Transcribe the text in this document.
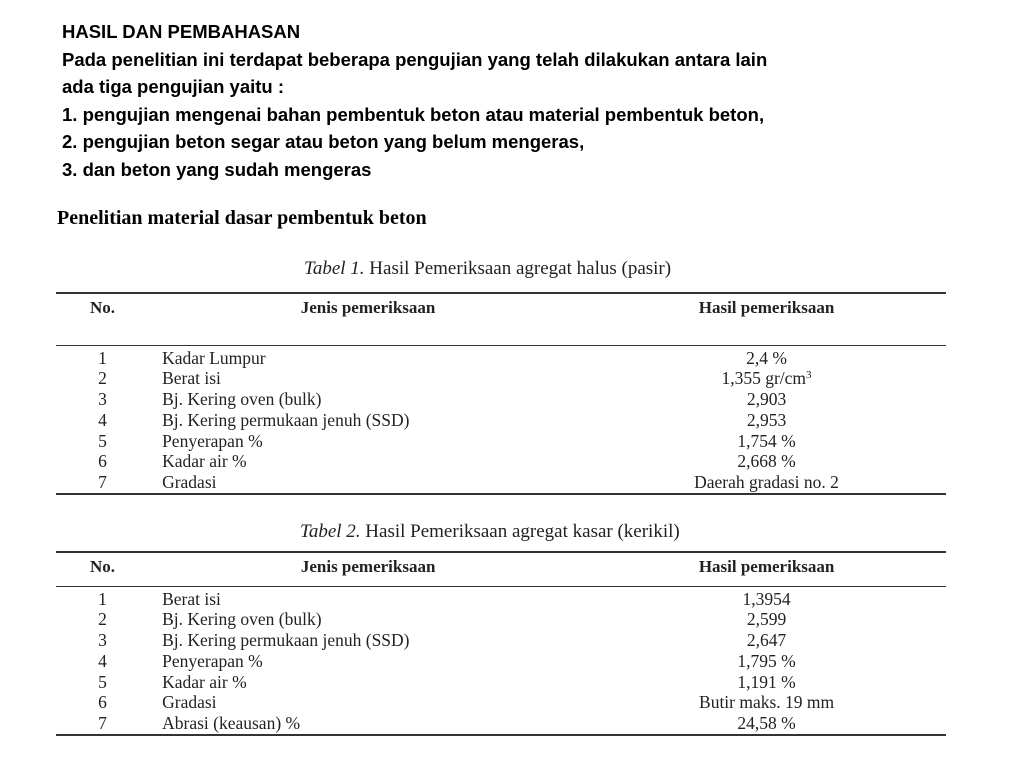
HASIL DAN PEMBAHASAN
Pada penelitian ini terdapat beberapa pengujian yang telah dilakukan antara lain
ada tiga pengujian yaitu :
1. pengujian mengenai bahan pembentuk beton atau material pembentuk beton,
2. pengujian beton segar atau beton yang belum mengeras,
3. dan beton yang sudah mengeras
Penelitian material dasar pembentuk beton
Tabel 1. Hasil Pemeriksaan agregat halus (pasir)
No.	Jenis pemeriksaan	Hasil pemeriksaan
1	Kadar Lumpur	2,4 %
2	Berat isi	1,355 $gr/cm^3$
3	Bj. Kering oven (bulk)	2,903
4	Bj. Kering permukaan jenuh (SSD)	2,953
5	Penyerapan %	1,754 %
6	Kadar air %	2,668 %
7	Gradasi	Daerah gradasi no. 2
Tabel 2. Hasil Pemeriksaan agregat kasar (kerikil)
No.	Jenis pemeriksaan	Hasil pemeriksaan
1	Berat isi	1,3954
2	Bj. Kering oven (bulk)	2,599
3	Bj. Kering permukaan jenuh (SSD)	2,647
4	Penyerapan %	1,795 %
5	Kadar air %	1,191 %
6	Gradasi	Butir maks. 19 mm
7	Abrasi (keausan) %	24,58 %
